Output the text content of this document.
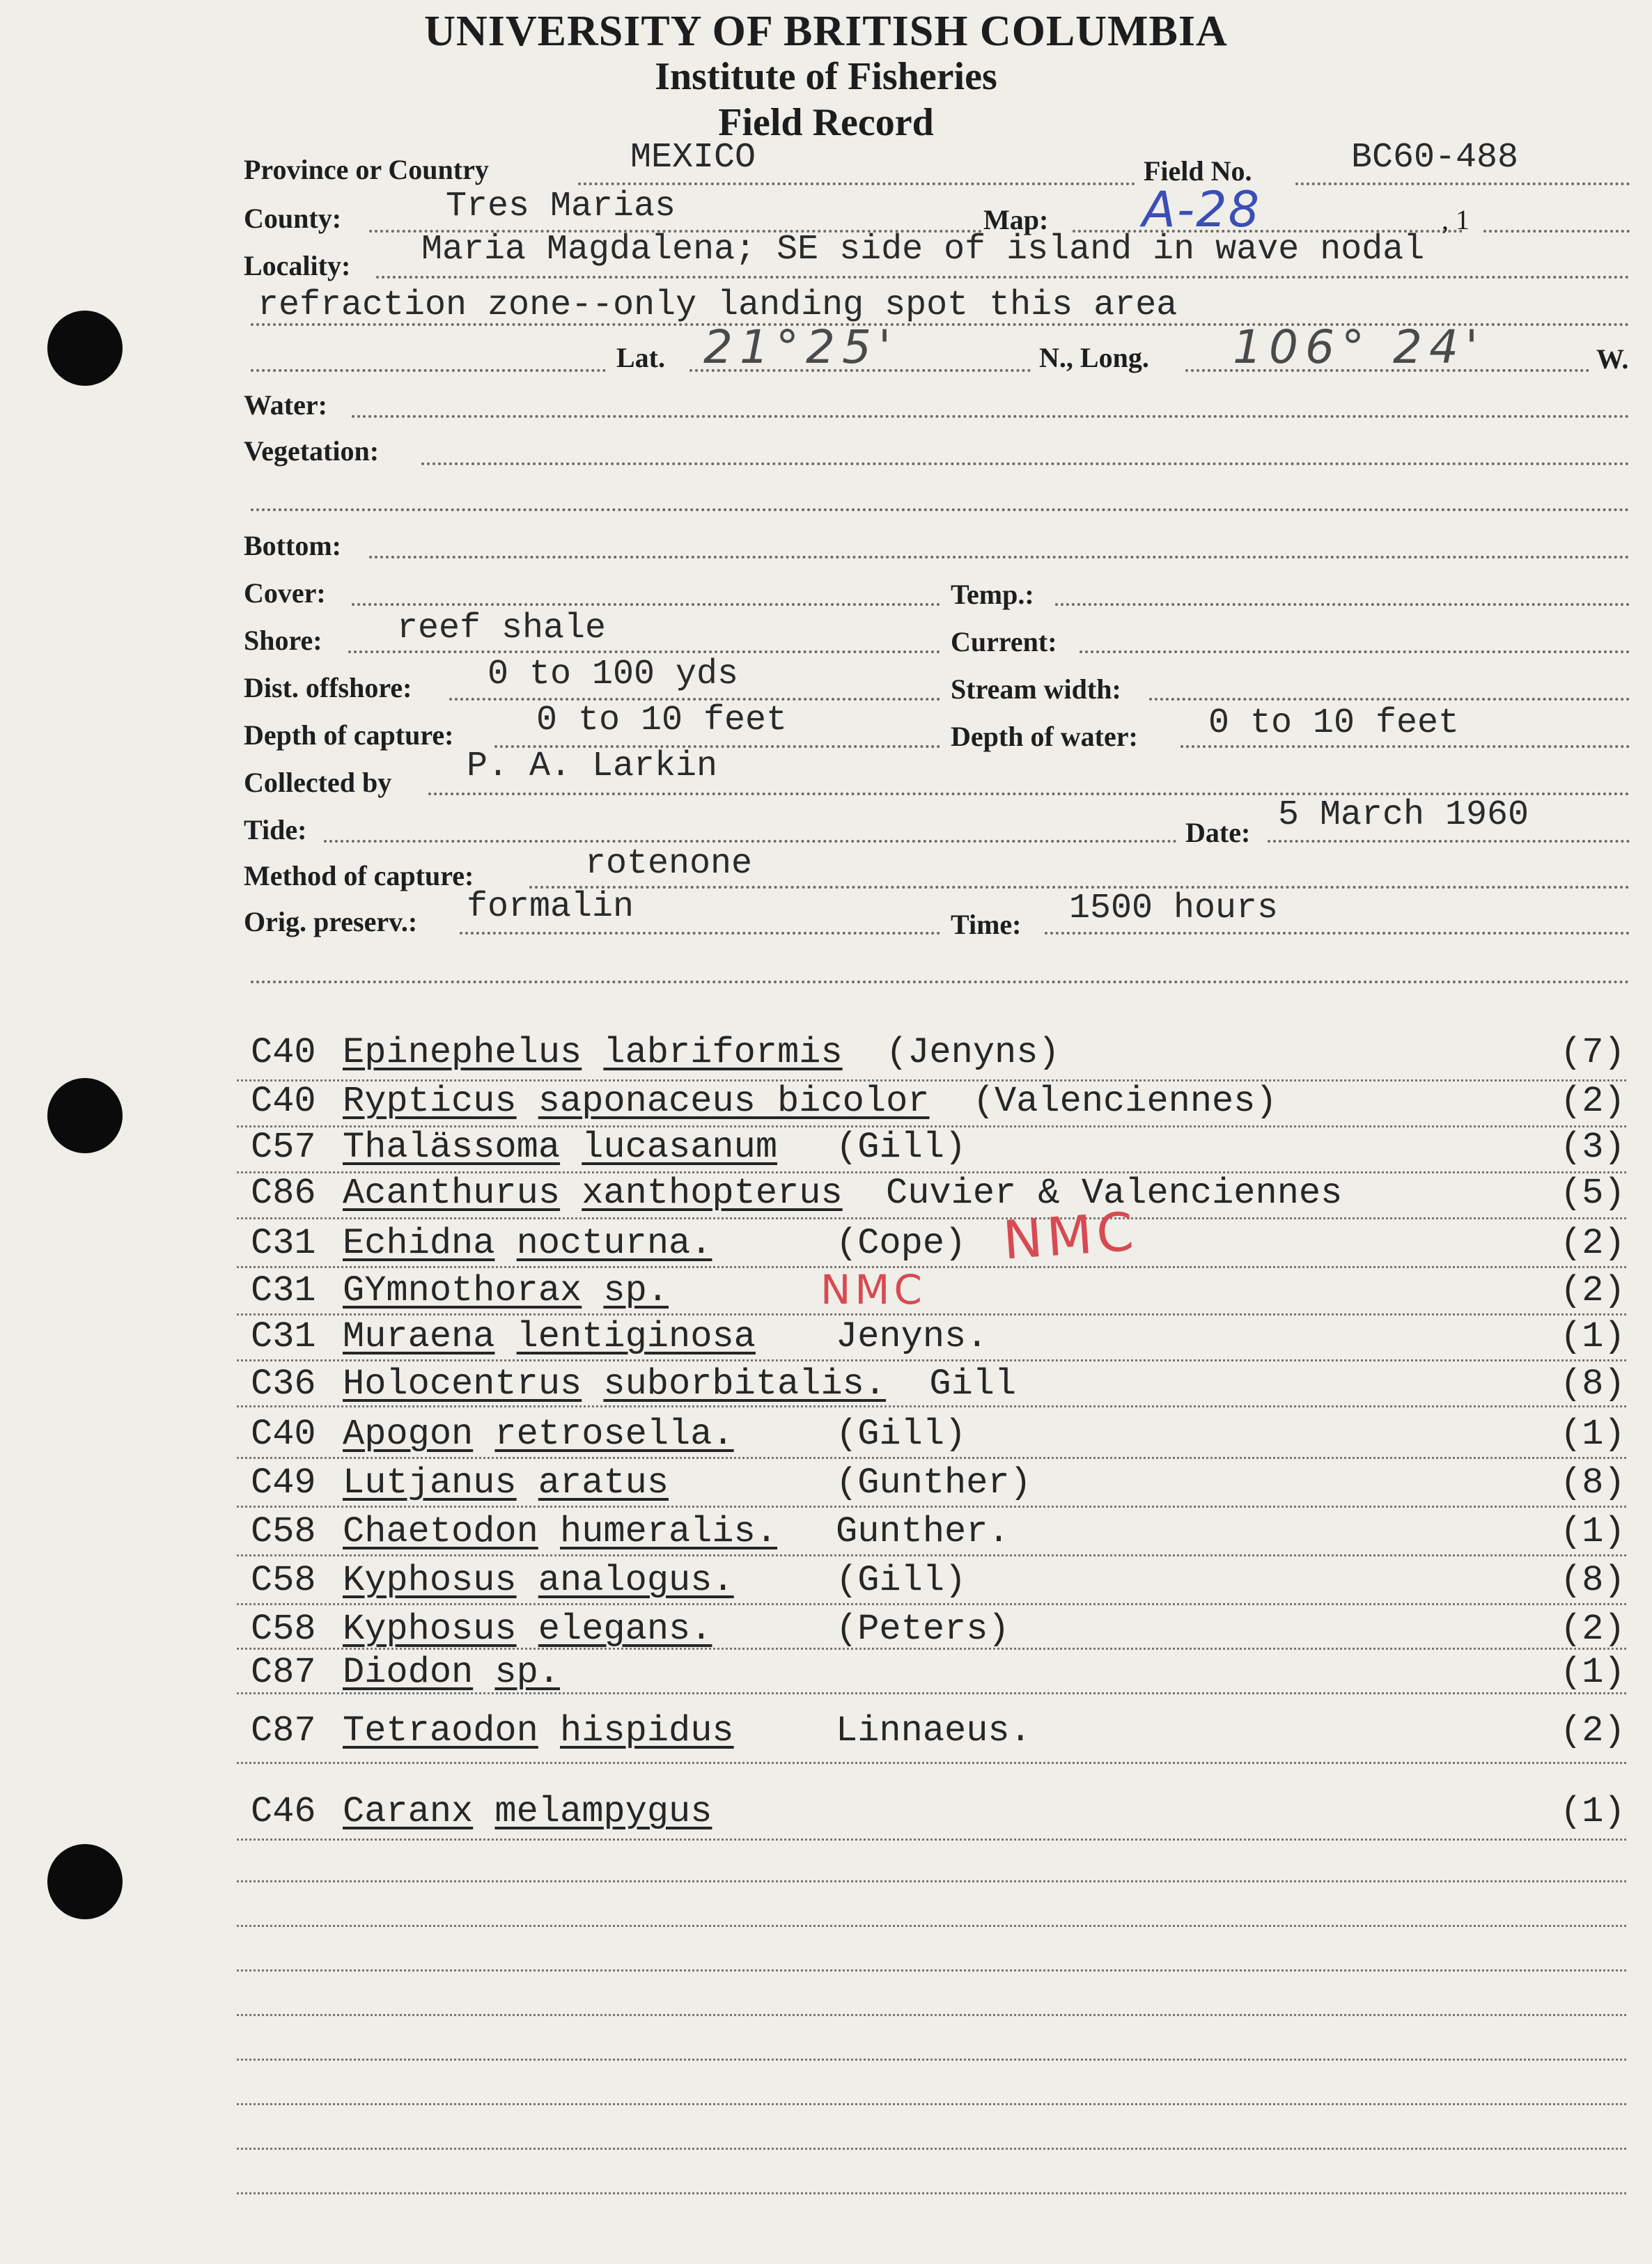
UNIVERSITY OF BRITISH COLUMBIA
Institute of Fisheries
Field Record
Province or Country	MEXICO	Field No.	BC60-488
County:	Tres Marias	Map: A-28	, 1
Locality: Maria Magdalena; SE side of island in wave nodal
refraction zone--only landing spot this area
Lat. 21°25'	N., Long. 106° 24'	W.
Water:
Vegetation:
Bottom:
Cover:	Temp.:
Shore: reef shale	Current:
Dist. offshore: 0 to 100 yds	Stream width:
Depth of capture: 0 to 10 feet	Depth of water: 0 to 10 feet
Collected by P. A. Larkin
Tide:	Date: 5 March 1960
Method of capture:	rotenone
Orig. preserv.: formalin	Time: 1500 hours
C40 Epinephelus labriformis (Jenyns)	(7)
C40 Rypticus saponaceus bicolor (Valenciennes)	(2)
C57 Thalässoma lucasanum (Gill)	(3)
C86 Acanthurus xanthopterus Cuvier & Valenciennes	(5)
C31 Echidna nocturna.	(Cope)	(2)
C31 GYmnothorax sp.	(2)
C31 Muraena lentiginosa Jenyns.	(1)
C36 Holocentrus suborbitalis. Gill	(8)
C40 Apogon retrosella.	(Gill)	(1)
C49 Lutjanus aratus	(Gunther)	(8)
C58 Chaetodon humeralis. Gunther.	(1)
C58 Kyphosus analogus.	(Gill)	(8)
C58 Kyphosus elegans.	(Peters)	(2)
C87 Diodon sp.	(1)
C87 Tetraodon hispidus	Linnaeus.	(2)
C46 Caranx melampygus	(1)
NMC
NMC
